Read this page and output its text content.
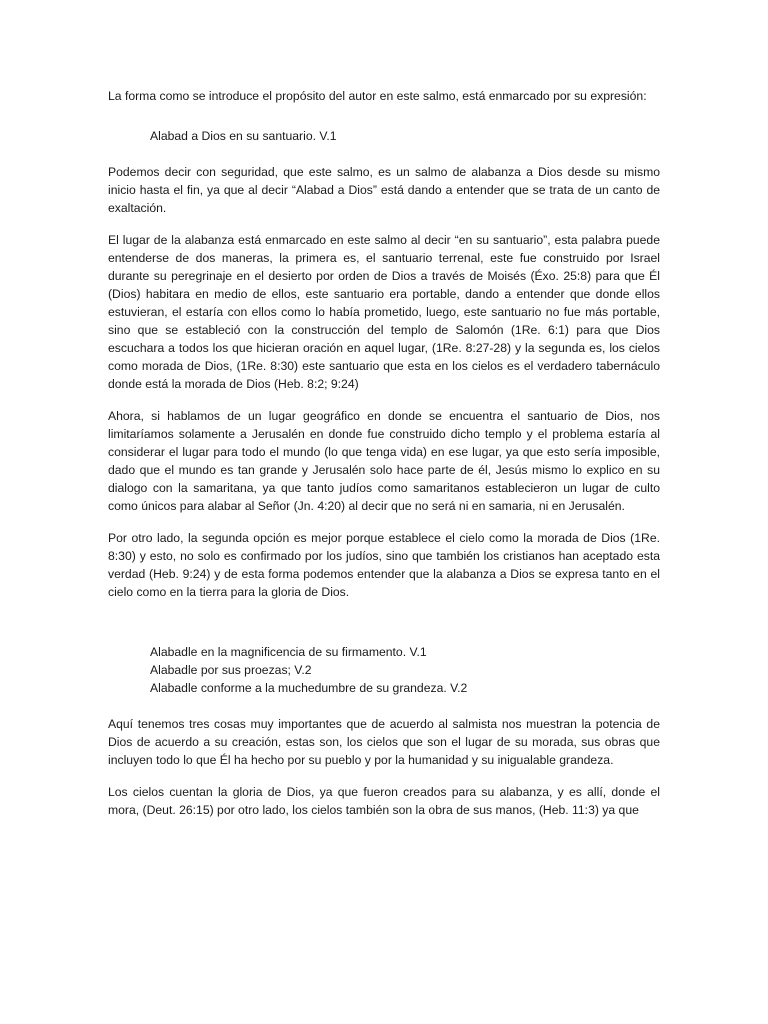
La forma como se introduce el propósito del autor en este salmo, está enmarcado por su expresión:

Alabad a Dios en su santuario. V.1

Podemos decir con seguridad, que este salmo, es un salmo de alabanza a Dios desde su mismo inicio hasta el fin, ya que al decir “Alabad a Dios” está dando a entender que se trata de un canto de exaltación.

El lugar de la alabanza está enmarcado en este salmo al decir “en su santuario”, esta palabra puede entenderse de dos maneras, la primera es, el santuario terrenal, este fue construido por Israel durante su peregrinaje en el desierto por orden de Dios a través de Moisés (Éxo. 25:8) para que Él (Dios) habitara en medio de ellos, este santuario era portable, dando a entender que donde ellos estuvieran, el estaría con ellos como lo había prometido, luego, este santuario no fue más portable, sino que se estableció con la construcción del templo de Salomón (1Re. 6:1) para que Dios escuchara a todos los que hicieran oración en aquel lugar, (1Re. 8:27-28) y la segunda es, los cielos como morada de Dios, (1Re. 8:30) este santuario que esta en los cielos es el verdadero tabernáculo donde está la morada de Dios (Heb. 8:2; 9:24)

Ahora, si hablamos de un lugar geográfico en donde se encuentra el santuario de Dios, nos limitaríamos solamente a Jerusalén en donde fue construido dicho templo y el problema estaría al considerar el lugar para todo el mundo (lo que tenga vida) en ese lugar, ya que esto sería imposible, dado que el mundo es tan grande y Jerusalén solo hace parte de él, Jesús mismo lo explico en su dialogo con la samaritana, ya que tanto judíos como samaritanos establecieron un lugar de culto como únicos para alabar al Señor (Jn. 4:20) al decir que no será ni en samaria, ni en Jerusalén.

Por otro lado, la segunda opción es mejor porque establece el cielo como la morada de Dios (1Re. 8:30) y esto, no solo es confirmado por los judíos, sino que también los cristianos han aceptado esta verdad (Heb. 9:24) y de esta forma podemos entender que la alabanza a Dios se expresa tanto en el cielo como en la tierra para la gloria de Dios.

Alabadle en la magnificencia de su firmamento. V.1

Alabadle por sus proezas; V.2

Alabadle conforme a la muchedumbre de su grandeza. V.2

Aquí tenemos tres cosas muy importantes que de acuerdo al salmista nos muestran la potencia de Dios de acuerdo a su creación, estas son, los cielos que son el lugar de su morada, sus obras que incluyen todo lo que Él ha hecho por su pueblo y por la humanidad y su inigualable grandeza.

Los cielos cuentan la gloria de Dios, ya que fueron creados para su alabanza, y es allí, donde el mora, (Deut. 26:15) por otro lado, los cielos también son la obra de sus manos, (Heb. 11:3) ya que
